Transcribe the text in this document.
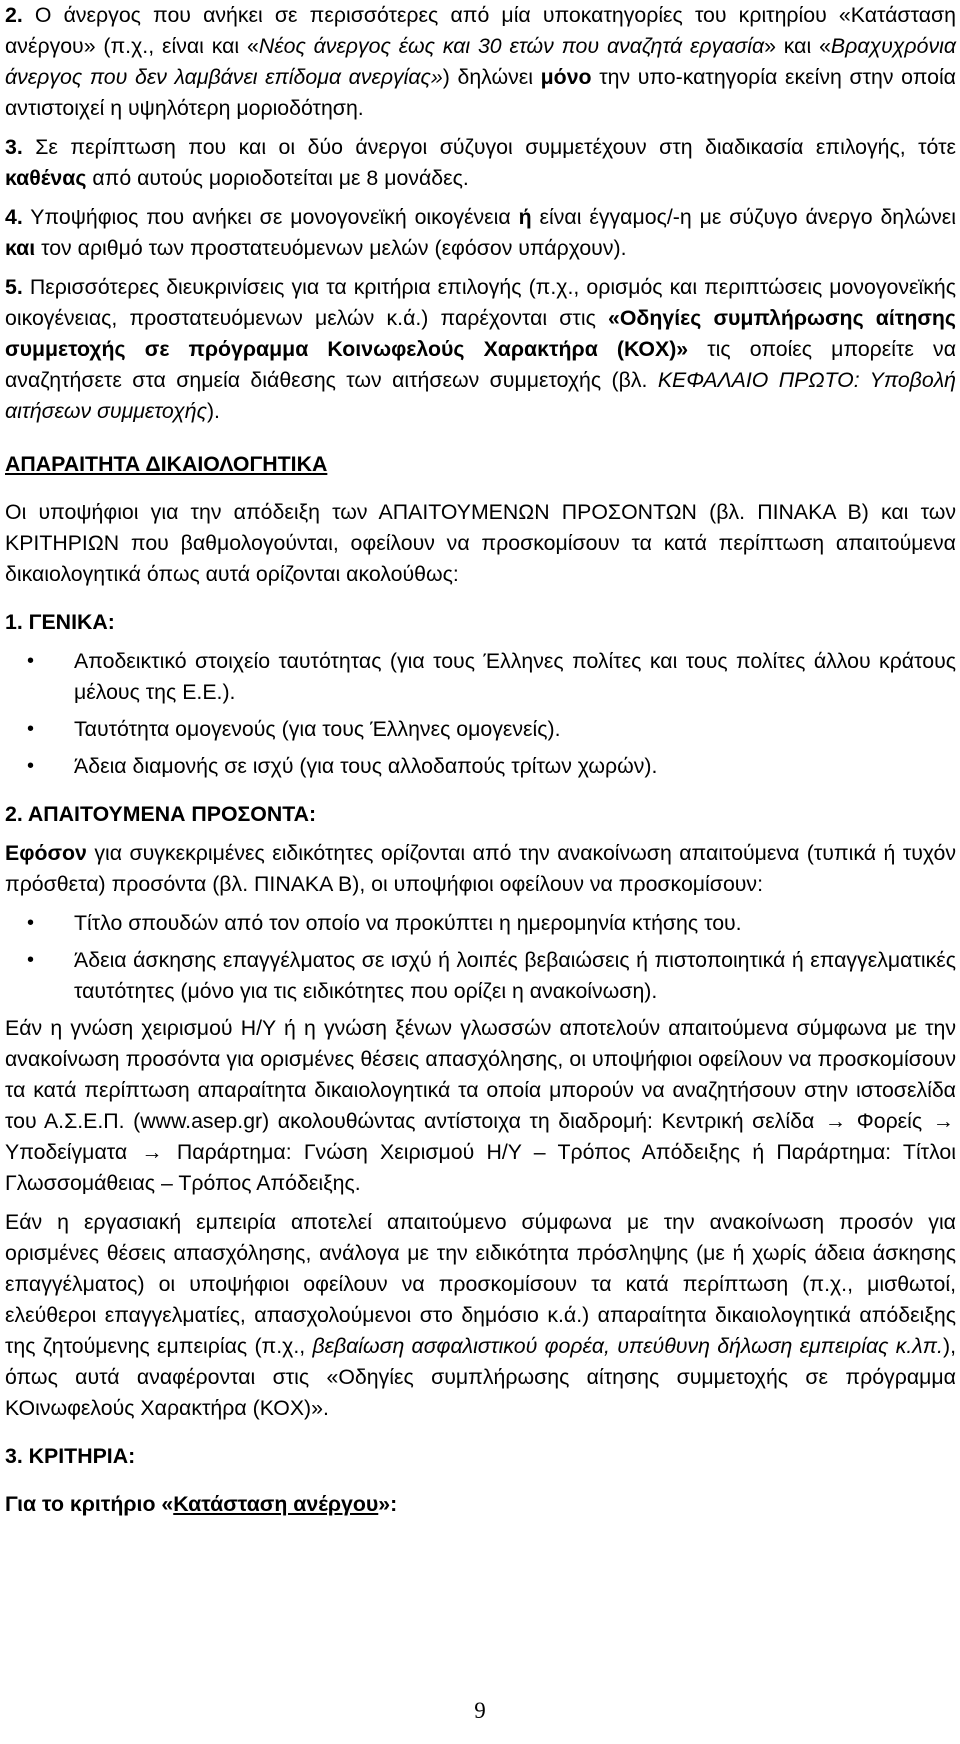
2. Ο άνεργος που ανήκει σε περισσότερες από μία υποκατηγορίες του κριτηρίου «Κατάσταση ανέργου» (π.χ., είναι και «Νέος άνεργος έως και 30 ετών που αναζητά εργασία» και «Βραχυχρόνια άνεργος που δεν λαμβάνει επίδομα ανεργίας») δηλώνει μόνο την υπο-κατηγορία εκείνη στην οποία αντιστοιχεί η υψηλότερη μοριοδότηση.

3. Σε περίπτωση που και οι δύο άνεργοι σύζυγοι συμμετέχουν στη διαδικασία επιλογής, τότε καθένας από αυτούς μοριοδοτείται με 8 μονάδες.

4. Υποψήφιος που ανήκει σε μονογονεϊκή οικογένεια ή είναι έγγαμος/-η με σύζυγο άνεργο δηλώνει και τον αριθμό των προστατευόμενων μελών (εφόσον υπάρχουν).

5. Περισσότερες διευκρινίσεις για τα κριτήρια επιλογής (π.χ., ορισμός και περιπτώσεις μονογονεϊκής οικογένειας, προστατευόμενων μελών κ.ά.) παρέχονται στις «Οδηγίες συμπλήρωσης αίτησης συμμετοχής σε πρόγραμμα Κοινωφελούς Χαρακτήρα (ΚΟΧ)» τις οποίες μπορείτε να αναζητήσετε στα σημεία διάθεσης των αιτήσεων συμμετοχής (βλ. ΚΕΦΑΛΑΙΟ ΠΡΩΤΟ: Υποβολή αιτήσεων συμμετοχής).

ΑΠΑΡΑΙΤΗΤΑ ΔΙΚΑΙΟΛΟΓΗΤΙΚΑ

Οι υποψήφιοι για την απόδειξη των ΑΠΑΙΤΟΥΜΕΝΩΝ ΠΡΟΣΟΝΤΩΝ (βλ. ΠΙΝΑΚΑ Β) και των ΚΡΙΤΗΡΙΩΝ που βαθμολογούνται, οφείλουν να προσκομίσουν τα κατά περίπτωση απαιτούμενα δικαιολογητικά όπως αυτά ορίζονται ακολούθως:

1. ΓΕΝΙΚΑ:

• Αποδεικτικό στοιχείο ταυτότητας (για τους Έλληνες πολίτες και τους πολίτες άλλου κράτους μέλους της Ε.Ε.).
• Ταυτότητα ομογενούς (για τους Έλληνες ομογενείς).
• Άδεια διαμονής σε ισχύ (για τους αλλοδαπούς τρίτων χωρών).

2. ΑΠΑΙΤΟΥΜΕΝΑ ΠΡΟΣΟΝΤΑ:

Εφόσον για συγκεκριμένες ειδικότητες ορίζονται από την ανακοίνωση απαιτούμενα (τυπικά ή τυχόν πρόσθετα) προσόντα (βλ. ΠΙΝΑΚΑ Β), οι υποψήφιοι οφείλουν να προσκομίσουν:

• Τίτλο σπουδών από τον οποίο να προκύπτει η ημερομηνία κτήσης του.
• Άδεια άσκησης επαγγέλματος σε ισχύ ή λοιπές βεβαιώσεις ή πιστοποιητικά ή επαγγελματικές ταυτότητες (μόνο για τις ειδικότητες που ορίζει η ανακοίνωση).

Εάν η γνώση χειρισμού Η/Υ ή η γνώση ξένων γλωσσών αποτελούν απαιτούμενα σύμφωνα με την ανακοίνωση προσόντα για ορισμένες θέσεις απασχόλησης, οι υποψήφιοι οφείλουν να προσκομίσουν τα κατά περίπτωση απαραίτητα δικαιολογητικά τα οποία μπορούν να αναζητήσουν στην ιστοσελίδα του Α.Σ.Ε.Π. (www.asep.gr) ακολουθώντας αντίστοιχα τη διαδρομή: Κεντρική σελίδα → Φορείς → Υποδείγματα → Παράρτημα: Γνώση Χειρισμού Η/Υ – Τρόπος Απόδειξης ή Παράρτημα: Τίτλοι Γλωσσομάθειας – Τρόπος Απόδειξης.

Εάν η εργασιακή εμπειρία αποτελεί απαιτούμενο σύμφωνα με την ανακοίνωση προσόν για ορισμένες θέσεις απασχόλησης, ανάλογα με την ειδικότητα πρόσληψης (με ή χωρίς άδεια άσκησης επαγγέλματος) οι υποψήφιοι οφείλουν να προσκομίσουν τα κατά περίπτωση (π.χ., μισθωτοί, ελεύθεροι επαγγελματίες, απασχολούμενοι στο δημόσιο κ.ά.) απαραίτητα δικαιολογητικά απόδειξης της ζητούμενης εμπειρίας (π.χ., βεβαίωση ασφαλιστικού φορέα, υπεύθυνη δήλωση εμπειρίας κ.λπ.), όπως αυτά αναφέρονται στις «Οδηγίες συμπλήρωσης αίτησης συμμετοχής σε πρόγραμμα ΚΟινωφελούς Χαρακτήρα (ΚΟΧ)».

3. ΚΡΙΤΗΡΙΑ:

Για το κριτήριο «Κατάσταση ανέργου»:

9
